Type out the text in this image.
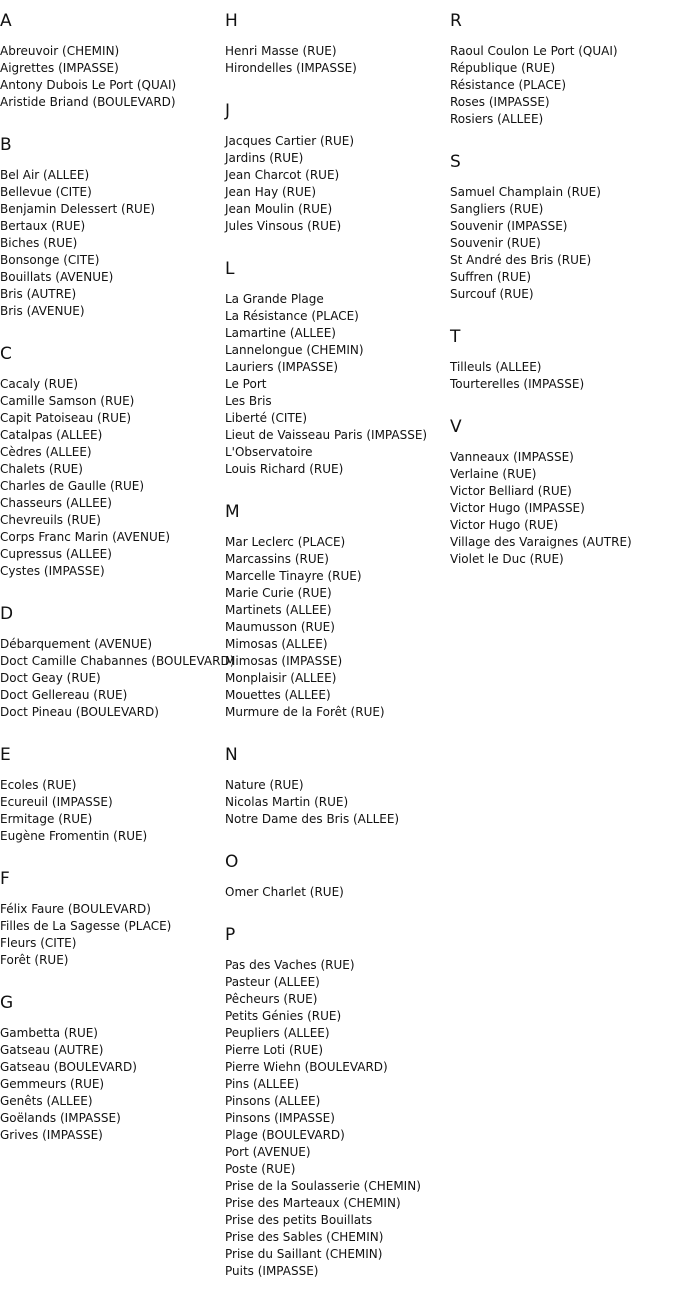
A
Abreuvoir (CHEMIN)
Aigrettes (IMPASSE)
Antony Dubois Le Port (QUAI)
Aristide Briand (BOULEVARD)
B
Bel Air (ALLEE)
Bellevue (CITE)
Benjamin Delessert (RUE)
Bertaux (RUE)
Biches (RUE)
Bonsonge (CITE)
Bouillats (AVENUE)
Bris (AUTRE)
Bris (AVENUE)
C
Cacaly (RUE)
Camille Samson (RUE)
Capit Patoiseau (RUE)
Catalpas (ALLEE)
Cèdres (ALLEE)
Chalets (RUE)
Charles de Gaulle (RUE)
Chasseurs (ALLEE)
Chevreuils (RUE)
Corps Franc Marin (AVENUE)
Cupressus (ALLEE)
Cystes (IMPASSE)
D
Débarquement (AVENUE)
Doct Camille Chabannes (BOULEVARD)
Doct Geay (RUE)
Doct Gellereau (RUE)
Doct Pineau (BOULEVARD)
E
Ecoles (RUE)
Ecureuil (IMPASSE)
Ermitage (RUE)
Eugène Fromentin (RUE)
F
Félix Faure (BOULEVARD)
Filles de La Sagesse (PLACE)
Fleurs (CITE)
Forêt (RUE)
G
Gambetta (RUE)
Gatseau (AUTRE)
Gatseau (BOULEVARD)
Gemmeurs (RUE)
Genêts (ALLEE)
Goëlands (IMPASSE)
Grives (IMPASSE)
H
Henri Masse (RUE)
Hirondelles (IMPASSE)
J
Jacques Cartier (RUE)
Jardins (RUE)
Jean Charcot (RUE)
Jean Hay (RUE)
Jean Moulin (RUE)
Jules Vinsous (RUE)
L
La Grande Plage
La Résistance (PLACE)
Lamartine (ALLEE)
Lannelongue (CHEMIN)
Lauriers (IMPASSE)
Le Port
Les Bris
Liberté (CITE)
Lieut de Vaisseau Paris (IMPASSE)
L'Observatoire
Louis Richard (RUE)
M
Mar Leclerc (PLACE)
Marcassins (RUE)
Marcelle Tinayre (RUE)
Marie Curie (RUE)
Martinets (ALLEE)
Maumusson (RUE)
Mimosas (ALLEE)
Mimosas (IMPASSE)
Monplaisir (ALLEE)
Mouettes (ALLEE)
Murmure de la Forêt (RUE)
N
Nature (RUE)
Nicolas Martin (RUE)
Notre Dame des Bris (ALLEE)
O
Omer Charlet (RUE)
P
Pas des Vaches (RUE)
Pasteur (ALLEE)
Pêcheurs (RUE)
Petits Génies (RUE)
Peupliers (ALLEE)
Pierre Loti (RUE)
Pierre Wiehn (BOULEVARD)
Pins (ALLEE)
Pinsons (ALLEE)
Pinsons (IMPASSE)
Plage (BOULEVARD)
Port (AVENUE)
Poste (RUE)
Prise de la Soulasserie (CHEMIN)
Prise des Marteaux (CHEMIN)
Prise des petits Bouillats
Prise des Sables (CHEMIN)
Prise du Saillant (CHEMIN)
Puits (IMPASSE)
R
Raoul Coulon Le Port (QUAI)
République (RUE)
Résistance (PLACE)
Roses (IMPASSE)
Rosiers (ALLEE)
S
Samuel Champlain (RUE)
Sangliers (RUE)
Souvenir (IMPASSE)
Souvenir (RUE)
St André des Bris (RUE)
Suffren (RUE)
Surcouf (RUE)
T
Tilleuls (ALLEE)
Tourterelles (IMPASSE)
V
Vanneaux (IMPASSE)
Verlaine (RUE)
Victor Belliard (RUE)
Victor Hugo (IMPASSE)
Victor Hugo (RUE)
Village des Varaignes (AUTRE)
Violet le Duc (RUE)
